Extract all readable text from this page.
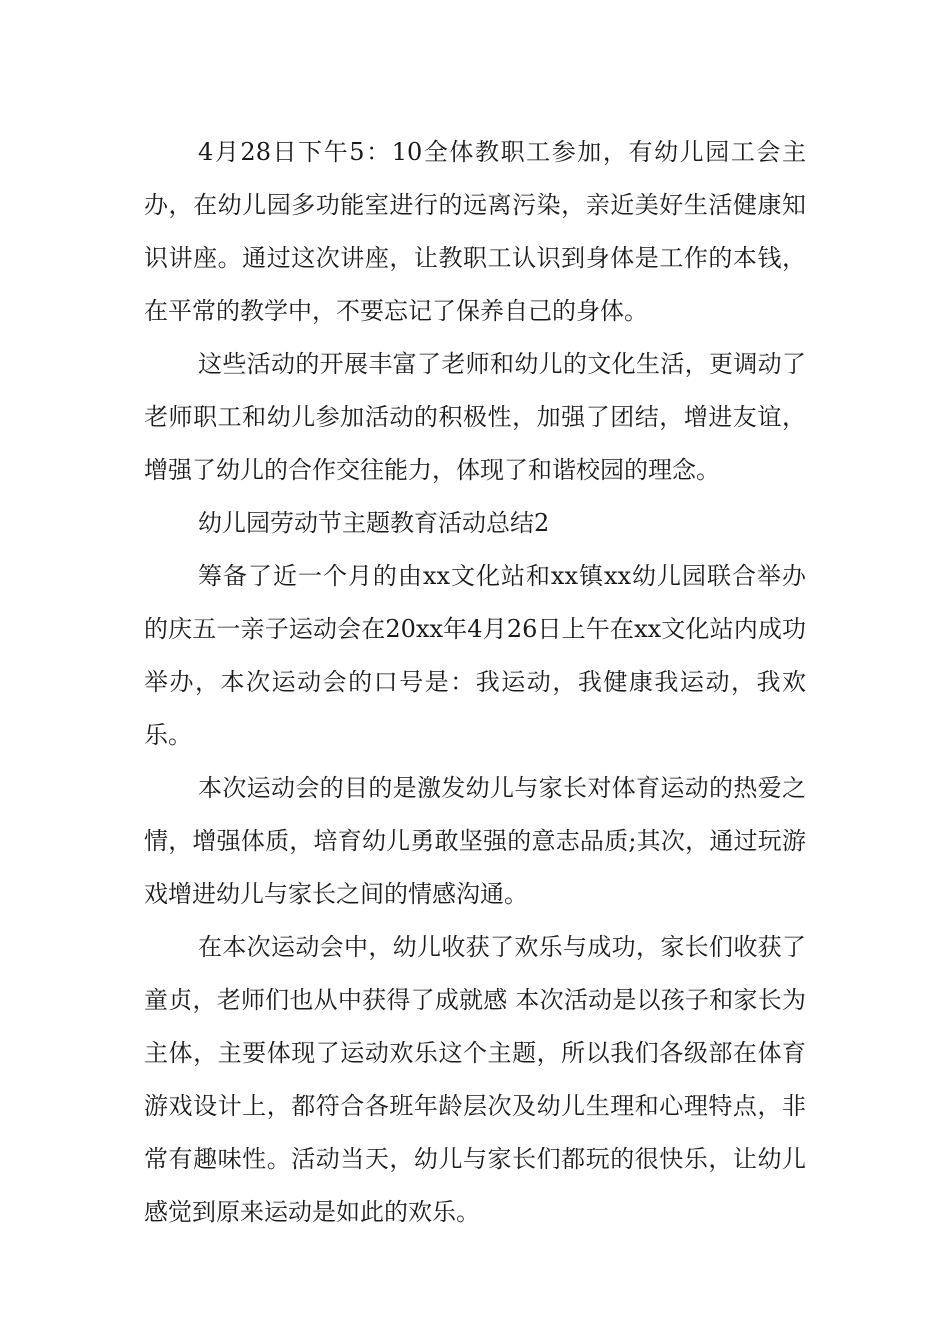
4月28日下午5：10全体教职工参加，有幼儿园工会主办，在幼儿园多功能室进行的远离污染，亲近美好生活健康知识讲座。通过这次讲座，让教职工认识到身体是工作的本钱，在平常的教学中，不要忘记了保养自己的身体。

这些活动的开展丰富了老师和幼儿的文化生活，更调动了老师职工和幼儿参加活动的积极性，加强了团结，增进友谊，增强了幼儿的合作交往能力，体现了和谐校园的理念。

幼儿园劳动节主题教育活动总结2

筹备了近一个月的由xx文化站和xx镇xx幼儿园联合举办的庆五一亲子运动会在20xx年4月26日上午在xx文化站内成功举办，本次运动会的口号是：我运动，我健康我运动，我欢乐。

本次运动会的目的是激发幼儿与家长对体育运动的热爱之情，增强体质，培育幼儿勇敢坚强的意志品质;其次，通过玩游戏增进幼儿与家长之间的情感沟通。

在本次运动会中，幼儿收获了欢乐与成功，家长们收获了童贞，老师们也从中获得了成就感 本次活动是以孩子和家长为主体，主要体现了运动欢乐这个主题，所以我们各级部在体育游戏设计上，都符合各班年龄层次及幼儿生理和心理特点，非常有趣味性。活动当天，幼儿与家长们都玩的很快乐，让幼儿感觉到原来运动是如此的欢乐。
